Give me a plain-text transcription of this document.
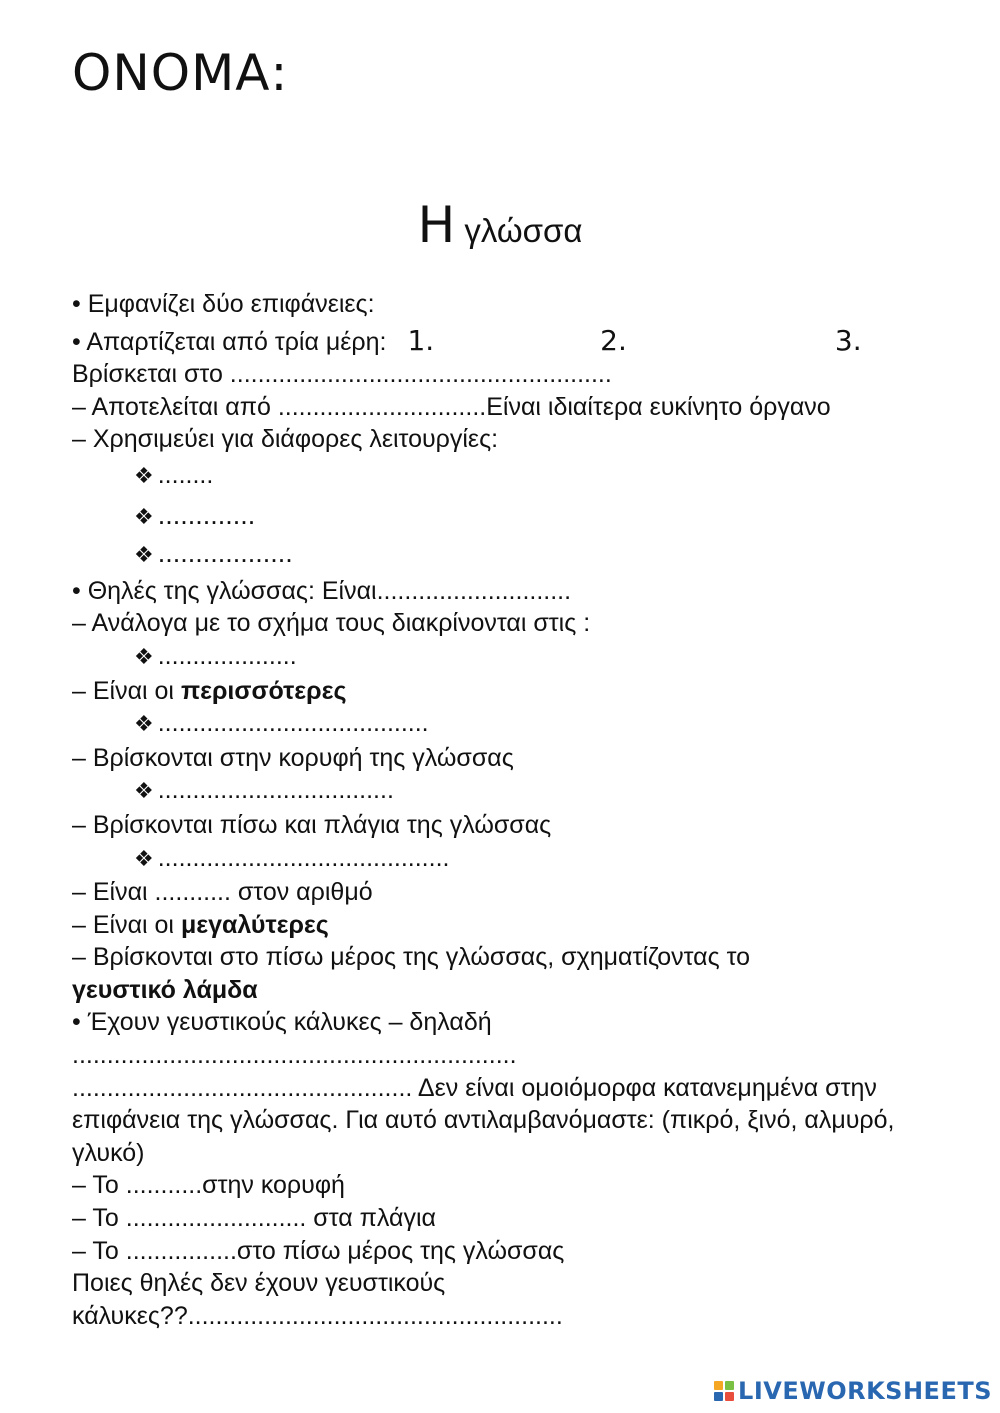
ΟΝΟΜΑ:
Η γλώσσα
• Εμφανίζει δύο επιφάνειες:
• Απαρτίζεται από τρία μέρη: 1.	2.	3.
Βρίσκεται στο .......................................................
– Αποτελείται από ..............................Είναι ιδιαίτερα ευκίνητο όργανο
– Χρησιμεύει για διάφορες λειτουργίες:
❖ ........
❖ .............
❖ ..................
• Θηλές της γλώσσας: Είναι............................
– Ανάλογα με το σχήμα τους διακρίνονται στις :
❖ ....................
– Είναι οι περισσότερες
❖ .......................................
– Βρίσκονται στην κορυφή της γλώσσας
❖ ..................................
– Βρίσκονται πίσω και πλάγια της γλώσσας
❖ ..........................................
– Είναι ........... στον αριθμό
– Είναι οι μεγαλύτερες
– Βρίσκονται στο πίσω μέρος της γλώσσας, σχηματίζοντας το
γευστικό λάμδα
• Έχουν γευστικούς κάλυκες – δηλαδή
................................................................
................................................. Δεν είναι ομοιόμορφα κατανεμημένα στην επιφάνεια της γλώσσας. Για αυτό αντιλαμβανόμαστε: (πικρό, ξινό, αλμυρό, γλυκό)
– Το ...........στην κορυφή
– Το .......................... στα πλάγια
– Το ................στο πίσω μέρος της γλώσσας
Ποιες θηλές δεν έχουν γευστικούς κάλυκες??......................................................
LIVEWORKSHEETS
